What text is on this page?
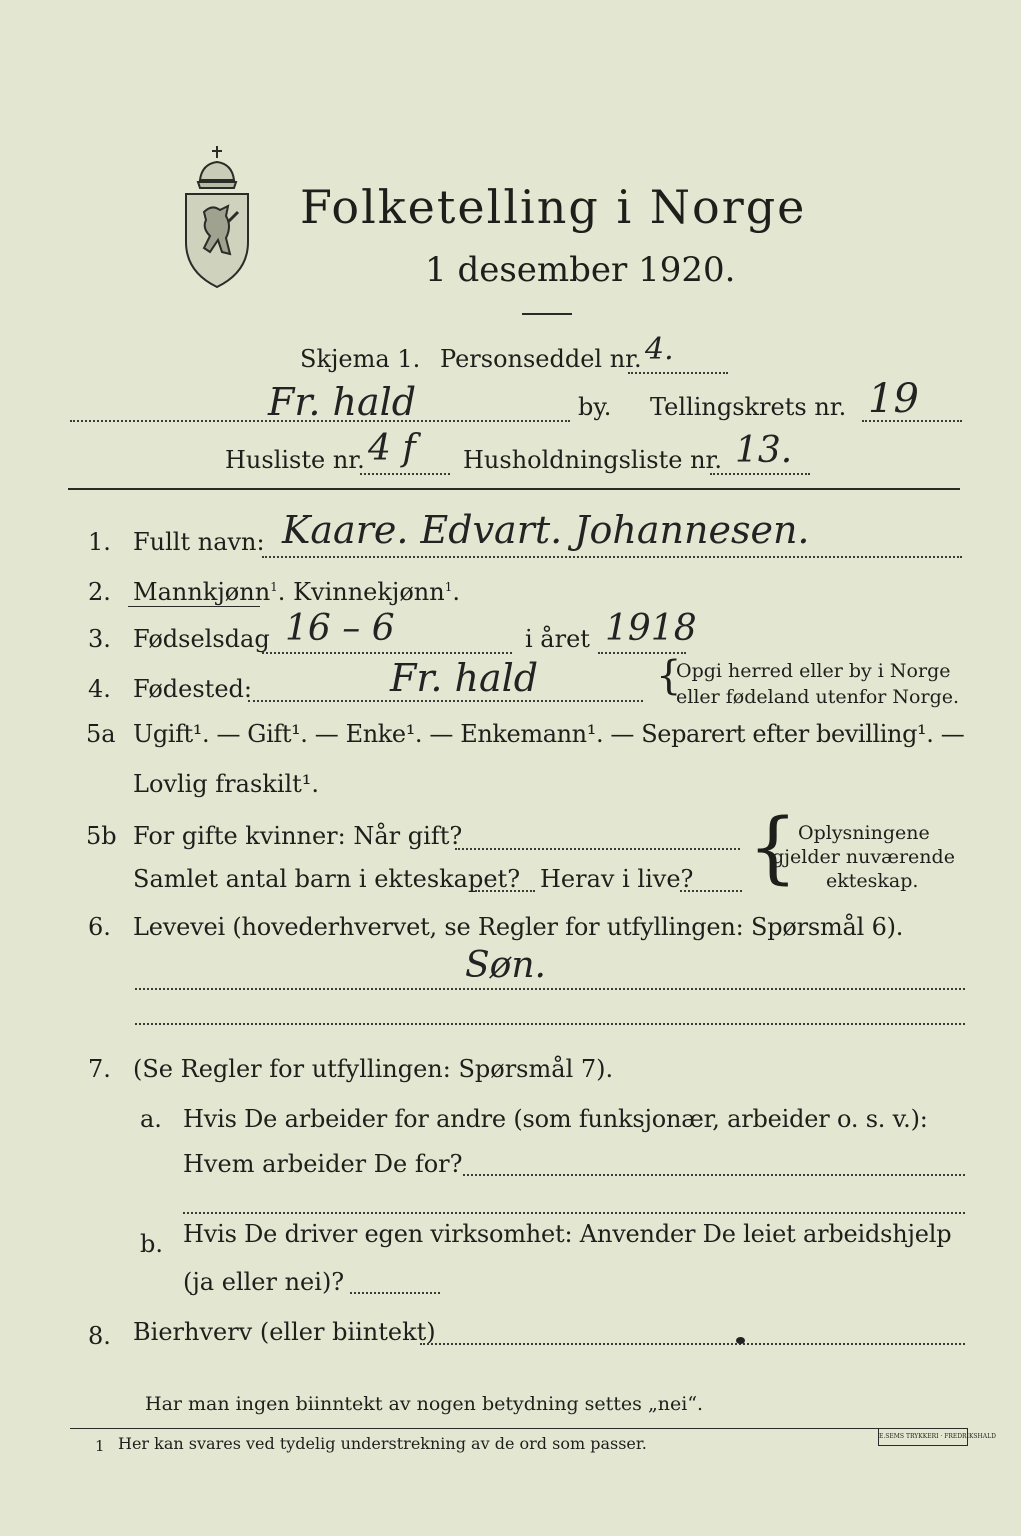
Folketelling i Norge
1 desember 1920.
Skjema 1. Personseddel nr. 4.
Fr. hald	by. Tellingskrets nr. 19
Husliste nr. 4 f Husholdningsliste nr. 13.
1. Fullt navn: Kaare. Edvart. Johannesen.
2. Mannkjønn$^1$. Kvinnekjønn$^1$.
3. Fødselsdag 16 – 6	i året 1918
4. Fødested:	Fr. hald	{
Opgi herred eller by i Norge
eller fødeland utenfor Norge.
5a Ugift¹. — Gift¹. — Enke¹. — Enkemann¹. — Separert efter bevilling¹. —
Lovlig fraskilt¹.
5b For gifte kvinner: Når gift?
Samlet antal barn i ekteskapet? Herav i live? { Oplysningene
gjelder nuværende
ekteskap.
6. Levevei (hovederhvervet, se Regler for utfyllingen: Spørsmål 6).
Søn.
7. (Se Regler for utfyllingen: Spørsmål 7).
a. Hvis De arbeider for andre (som funksjonær, arbeider o. s. v.):
Hvem arbeider De for?
b. Hvis De driver egen virksomhet: Anvender De leiet arbeidshjelp
(ja eller nei)?
8. Bierhverv (eller biintekt)
Har man ingen biinntekt av nogen betydning settes „nei“.
1 Her kan svares ved tydelig understrekning av de ord som passer.	E.SEMS TRYKKERI · FREDRIKSHALD
